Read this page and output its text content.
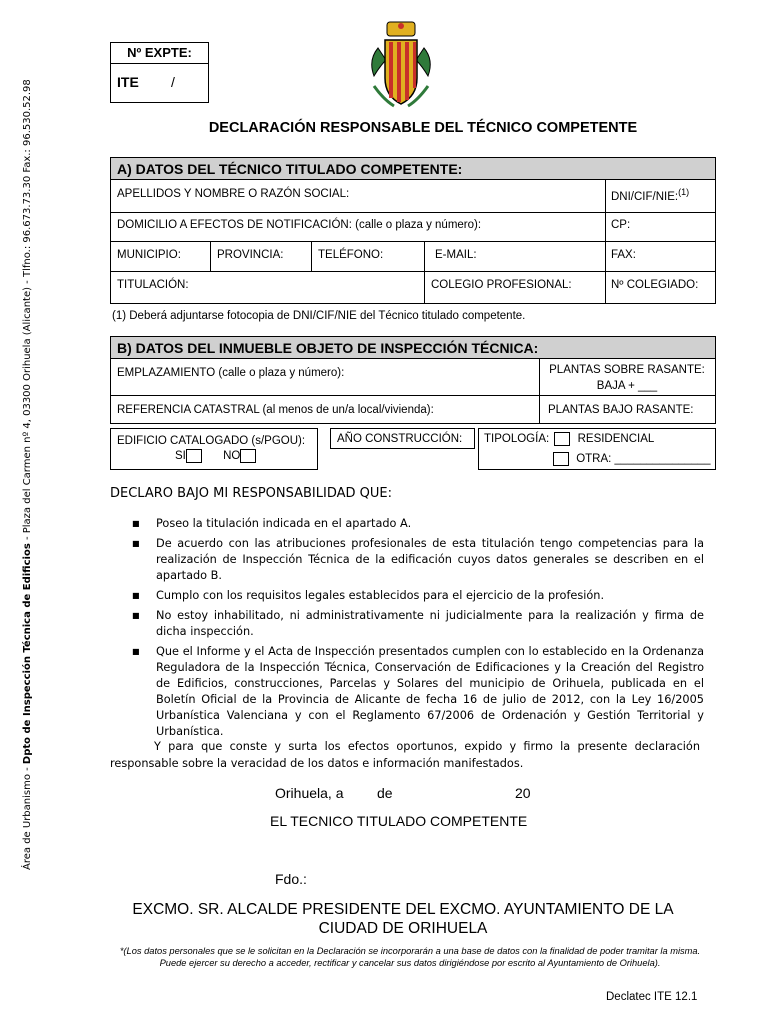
Área de Urbanismo - Dpto de Inspección Técnica de Edificios - Plaza del Carmen nº 4, 03300 Orihuela (Alicante) - Tlfno.: 96.673.73.30 Fax.: 96.530.52.98
Nº EXPTE:
ITE /
DECLARACIÓN RESPONSABLE DEL TÉCNICO COMPETENTE
A) DATOS DEL TÉCNICO TITULADO COMPETENTE:
APELLIDOS Y NOMBRE O RAZÓN SOCIAL:	DNI/CIF/NIE:$^{(1)}$
DOMICILIO A EFECTOS DE NOTIFICACIÓN: (calle o plaza y número):	CP:
MUNICIPIO:	PROVINCIA:	TELÉFONO:	E-MAIL:	FAX:
TITULACIÓN:	COLEGIO PROFESIONAL:	Nº COLEGIADO:
(1) Deberá adjuntarse fotocopia de DNI/CIF/NIE del Técnico titulado competente.
B) DATOS DEL INMUEBLE OBJETO DE INSPECCIÓN TÉCNICA:
EMPLAZAMIENTO (calle o plaza y número):	PLANTAS SOBRE RASANTE:
BAJA + ___
REFERENCIA CATASTRAL (al menos de un/a local/vivienda):	PLANTAS BAJO RASANTE:
EDIFICIO CATALOGADO (s/PGOU):
SI	NO
AÑO CONSTRUCCIÓN:	TIPOLOGÍA: RESIDENCIAL
OTRA: _______________
DECLARO BAJO MI RESPONSABILIDAD QUE:
■ Poseo la titulación indicada en el apartado A.
■ De acuerdo con las atribuciones profesionales de esta titulación tengo competencias para la realización de Inspección Técnica de la edificación cuyos datos generales se describen en el apartado B.
■ Cumplo con los requisitos legales establecidos para el ejercicio de la profesión.
■ No estoy inhabilitado, ni administrativamente ni judicialmente para la realización y firma de dicha inspección.
■ Que el Informe y el Acta de Inspección presentados cumplen con lo establecido en la Ordenanza Reguladora de la Inspección Técnica, Conservación de Edificaciones y la Creación del Registro de Edificios, construcciones, Parcelas y Solares del municipio de Orihuela, publicada en el Boletín Oficial de la Provincia de Alicante de fecha 16 de julio de 2012, con la Ley 16/2005 Urbanística Valenciana y con el Reglamento 67/2006 de Ordenación y Gestión Territorial y Urbanística.
Y para que conste y surta los efectos oportunos, expido y firmo la presente declaración responsable sobre la veracidad de los datos e información manifestados.
Orihuela, a de	20
EL TECNICO TITULADO COMPETENTE
Fdo.:
EXCMO. SR. ALCALDE PRESIDENTE DEL EXCMO. AYUNTAMIENTO DE LA CIUDAD DE ORIHUELA
*(Los datos personales que se le solicitan en la Declaración se incorporarán a una base de datos con la finalidad de poder tramitar la misma. Puede ejercer su derecho a acceder, rectificar y cancelar sus datos dirigiéndose por escrito al Ayuntamiento de Orihuela).
Declatec ITE 12.1
